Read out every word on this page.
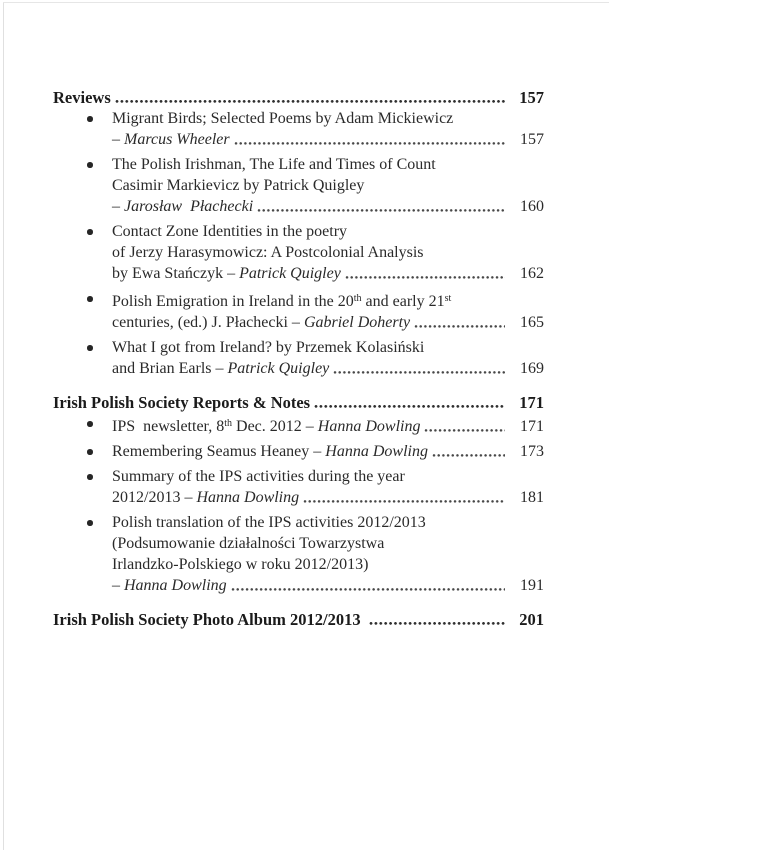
Reviews	157
Migrant Birds; Selected Poems by Adam Mickiewicz
– Marcus Wheeler	157
The Polish Irishman, The Life and Times of Count
Casimir Markievicz by Patrick Quigley
– Jarosław  Płachecki	160
Contact Zone Identities in the poetry
of Jerzy Harasymowicz: A Postcolonial Analysis
by Ewa Stańczyk – Patrick Quigley	162
Polish Emigration in Ireland in the 20th and early 21st
centuries, (ed.) J. Płachecki – Gabriel Doherty	165
What I got from Ireland? by Przemek Kolasiński
and Brian Earls – Patrick Quigley	169
Irish Polish Society Reports & Notes	171
IPS  newsletter, 8th Dec. 2012 – Hanna Dowling	171
Remembering Seamus Heaney – Hanna Dowling	173
Summary of the IPS activities during the year
2012/2013 – Hanna Dowling	181
Polish translation of the IPS activities 2012/2013
(Podsumowanie działalności Towarzystwa
Irlandzko-Polskiego w roku 2012/2013)
– Hanna Dowling	191
Irish Polish Society Photo Album 2012/2013	201
